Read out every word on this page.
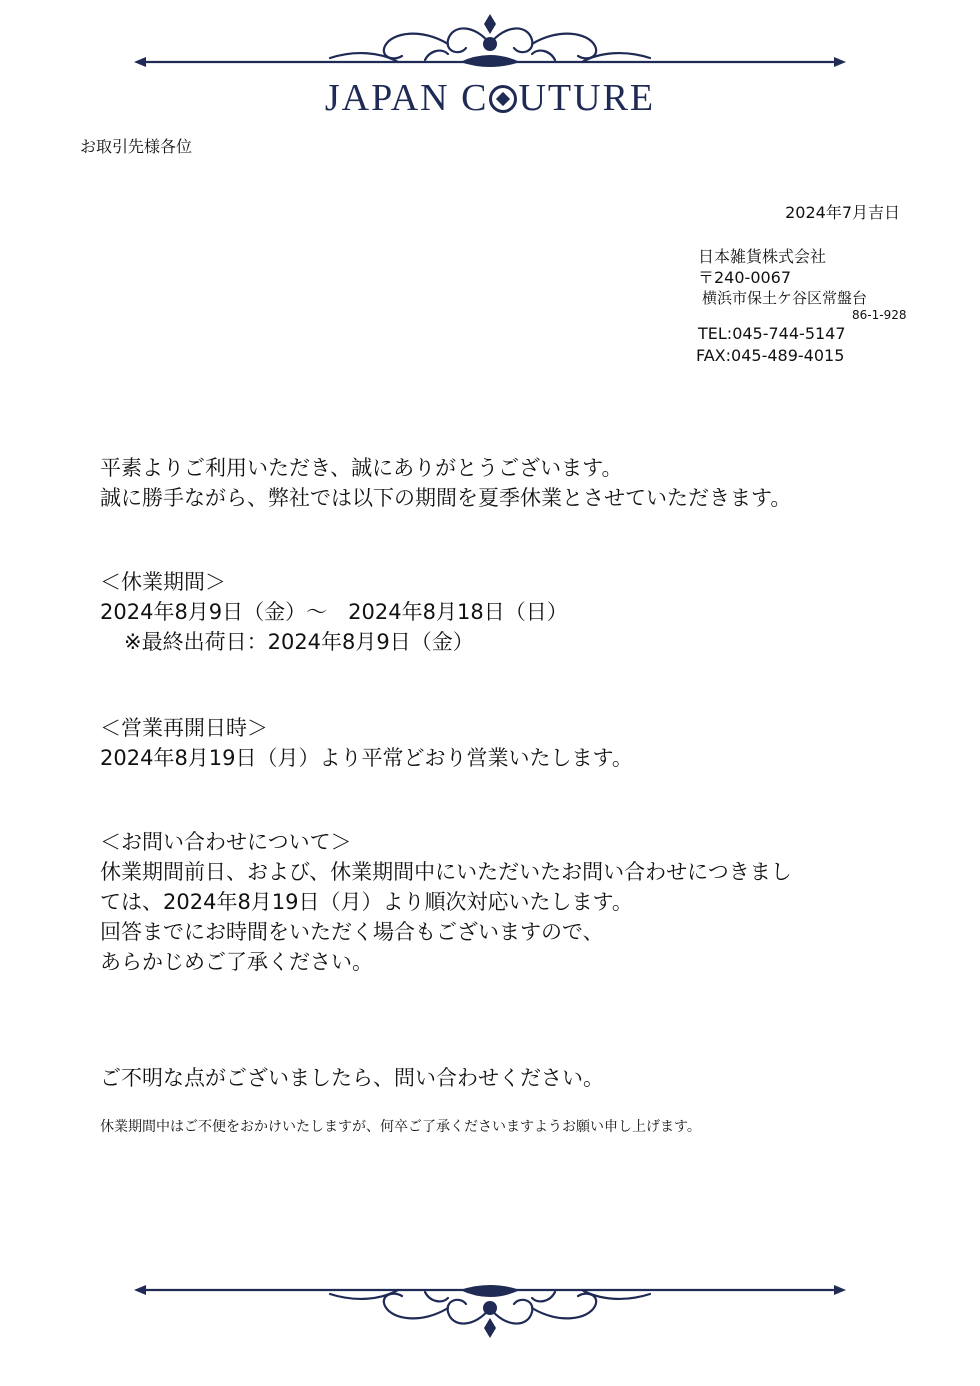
JAPAN C UTURE
お取引先様各位
2024年7月吉日
日本雑貨株式会社
〒240-0067
横浜市保土ケ谷区常盤台
86-1-928
TEL:045-744-5147
FAX:045-489-4015
平素よりご利用いただき、誠にありがとうございます。
誠に勝手ながら、弊社では以下の期間を夏季休業とさせていただきます。
＜休業期間＞
2024年8月9日（金）～　2024年8月18日（日）
※最終出荷日：2024年8月9日（金）
＜営業再開日時＞
2024年8月19日（月）より平常どおり営業いたします。
＜お問い合わせについて＞
休業期間前日、および、休業期間中にいただいたお問い合わせにつきまし
ては、2024年8月19日（月）より順次対応いたします。
回答までにお時間をいただく場合もございますので、
あらかじめご了承ください。
ご不明な点がございましたら、問い合わせください。
休業期間中はご不便をおかけいたしますが、何卒ご了承くださいますようお願い申し上げます。
